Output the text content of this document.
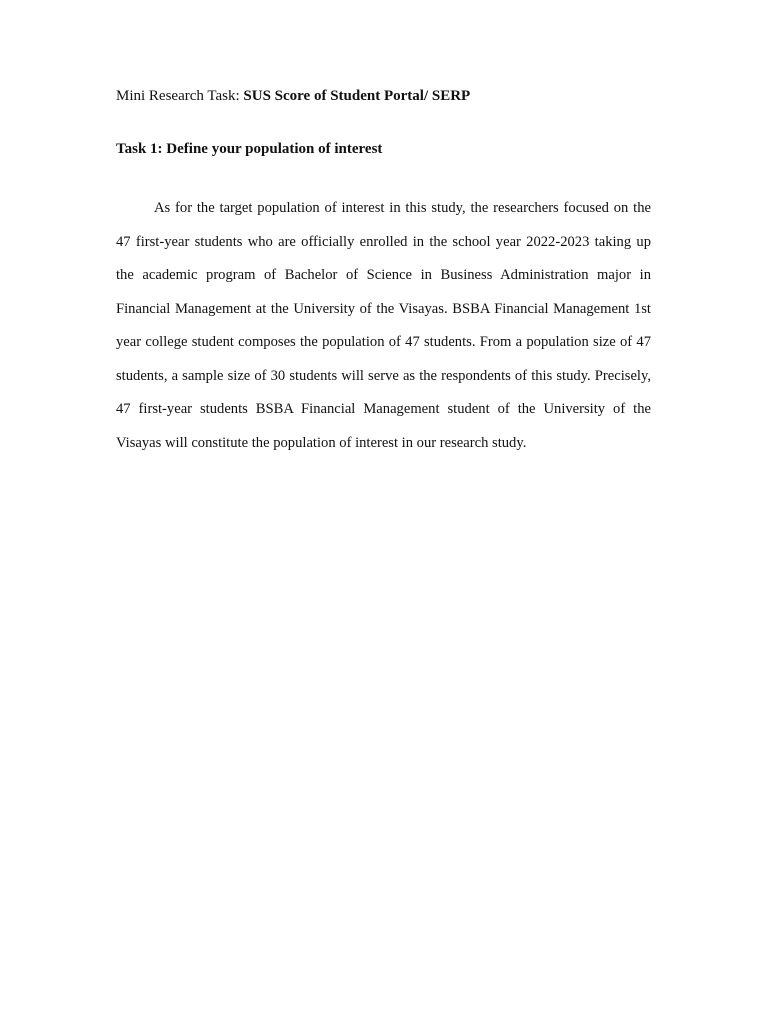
Mini Research Task: SUS Score of Student Portal/ SERP
Task 1: Define your population of interest

As for the target population of interest in this study, the researchers focused on the 47 first-year students who are officially enrolled in the school year 2022-2023 taking up the academic program of Bachelor of Science in Business Administration major in Financial Management at the University of the Visayas. BSBA Financial Management 1st year college student composes the population of 47 students. From a population size of 47 students, a sample size of 30 students will serve as the respondents of this study. Precisely, 47 first-year students BSBA Financial Management student of the University of the Visayas will constitute the population of interest in our research study.
